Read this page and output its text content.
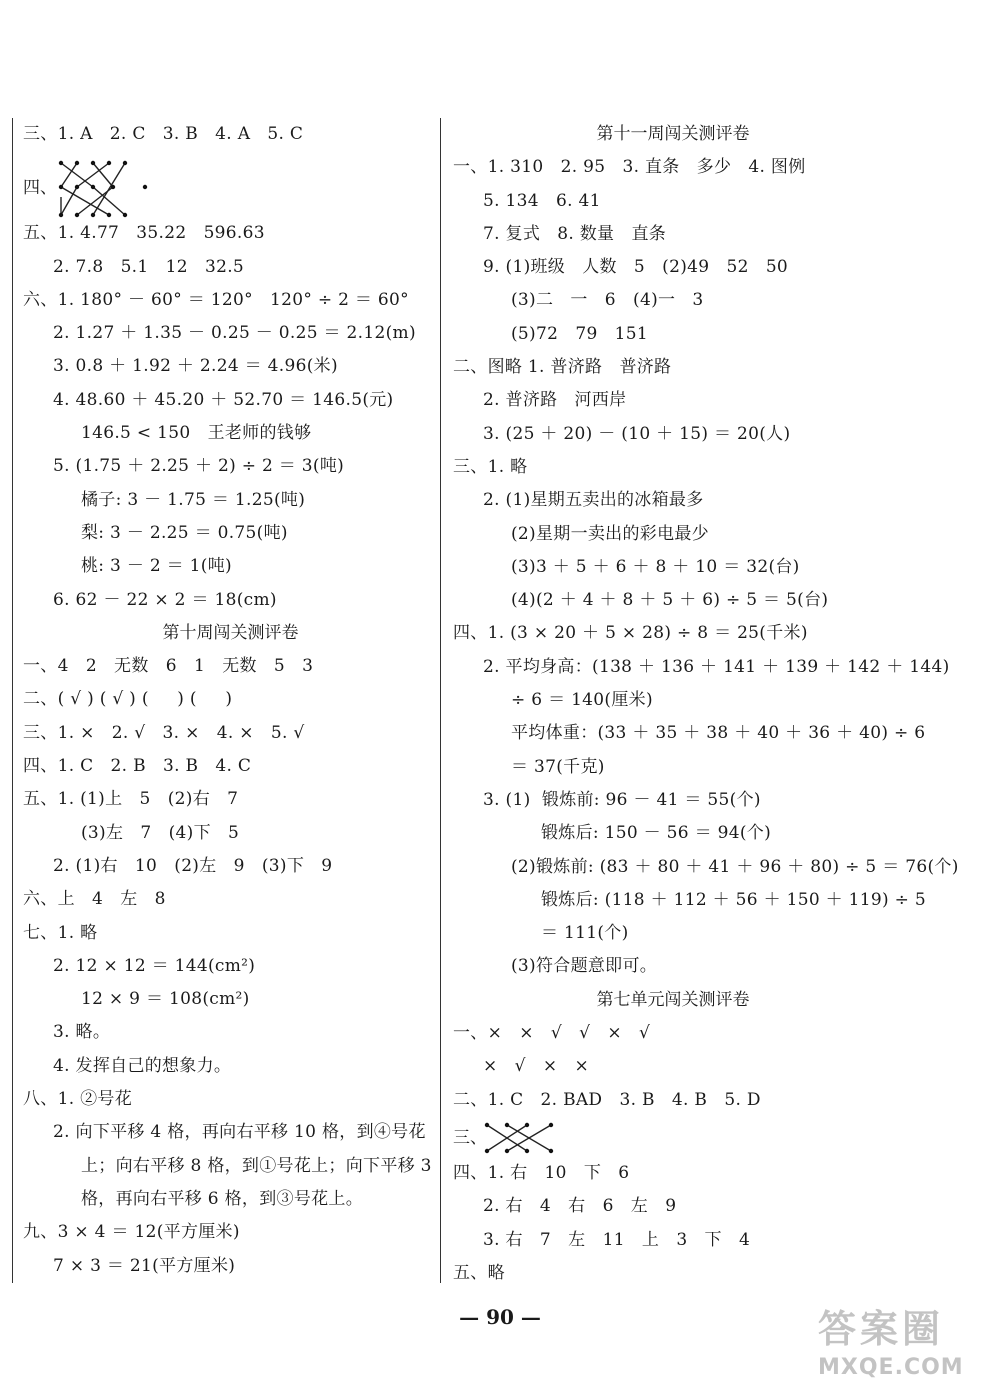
三、1. A   2. C   3. B   4. A   5. C
四、
五、1. 4.77   35.22   596.63
2. 7.8   5.1   12   32.5
六、1. 180° － 60° ＝ 120°   120° ÷ 2 ＝ 60°
2. 1.27 ＋ 1.35 － 0.25 － 0.25 ＝ 2.12(m)
3. 0.8 ＋ 1.92 ＋ 2.24 ＝ 4.96(米)
4. 48.60 ＋ 45.20 ＋ 52.70 ＝ 146.5(元)
146.5 < 150   王老师的钱够
5. (1.75 ＋ 2.25 ＋ 2) ÷ 2 ＝ 3(吨)
橘子: 3 － 1.75 ＝ 1.25(吨)
梨: 3 － 2.25 ＝ 0.75(吨)
桃: 3 － 2 ＝ 1(吨)
6. 62 － 22 × 2 ＝ 18(cm)
第十周闯关测评卷
一、4   2   无数   6   1   无数   5   3
二、( √ ) ( √ ) (     ) (     )
三、1. ×   2. √   3. ×   4. ×   5. √
四、1. C   2. B   3. B   4. C
五、1. (1)上   5   (2)右   7
(3)左   7   (4)下   5
2. (1)右   10   (2)左   9   (3)下   9
六、上   4   左   8
七、1. 略
2. 12 × 12 ＝ 144(cm²)
12 × 9 ＝ 108(cm²)
3. 略。
4. 发挥自己的想象力。
八、1. ②号花
2. 向下平移 4 格，再向右平移 10 格，到④号花
上；向右平移 8 格，到①号花上；向下平移 3
格，再向右平移 6 格，到③号花上。
九、3 × 4 ＝ 12(平方厘米)
7 × 3 ＝ 21(平方厘米)
第十一周闯关测评卷
一、1. 310   2. 95   3. 直条   多少   4. 图例
5. 134   6. 41
7. 复式   8. 数量   直条
9. (1)班级   人数   5   (2)49   52   50
(3)二   一   6   (4)一   3
(5)72   79   151
二、图略 1. 普济路   普济路
2. 普济路   河西岸
3. (25 ＋ 20) － (10 ＋ 15) ＝ 20(人)
三、1. 略
2. (1)星期五卖出的冰箱最多
(2)星期一卖出的彩电最少
(3)3 ＋ 5 ＋ 6 ＋ 8 ＋ 10 ＝ 32(台)
(4)(2 ＋ 4 ＋ 8 ＋ 5 ＋ 6) ÷ 5 ＝ 5(台)
四、1. (3 × 20 ＋ 5 × 28) ÷ 8 ＝ 25(千米)
2. 平均身高：(138 ＋ 136 ＋ 141 ＋ 139 ＋ 142 ＋ 144)
÷ 6 ＝ 140(厘米)
平均体重：(33 ＋ 35 ＋ 38 ＋ 40 ＋ 36 ＋ 40) ÷ 6
＝ 37(千克)
3. (1)  锻炼前: 96 － 41 ＝ 55(个)
锻炼后: 150 － 56 ＝ 94(个)
(2)锻炼前: (83 ＋ 80 ＋ 41 ＋ 96 ＋ 80) ÷ 5 ＝ 76(个)
锻炼后: (118 ＋ 112 ＋ 56 ＋ 150 ＋ 119) ÷ 5
＝ 111(个)
(3)符合题意即可。
第七单元闯关测评卷
一、×   ×   √   √   ×   √
×   √   ×   ×
二、1. C   2. BAD   3. B   4. B   5. D
三、
四、1. 右   10   下   6
2. 右   4   右   6   左   9
3. 右   7   左   11   上   3   下   4
五、略
— 90 —	答案圈
MXQE.COM
